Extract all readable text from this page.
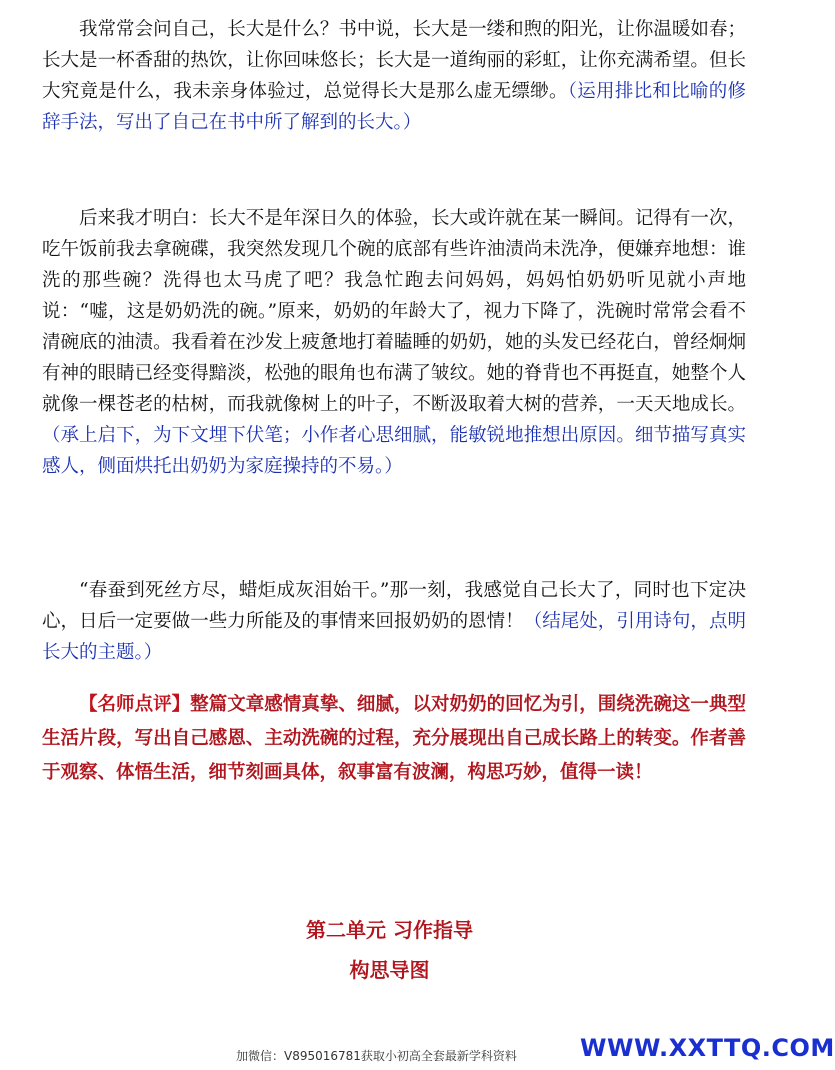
我常常会问自己，长大是什么？书中说，长大是一缕和煦的阳光，让你温暖如春；长大是一杯香甜的热饮，让你回味悠长；长大是一道绚丽的彩虹，让你充满希望。但长大究竟是什么，我未亲身体验过，总觉得长大是那么虚无缥缈。（运用排比和比喻的修辞手法，写出了自己在书中所了解到的长大。）

后来我才明白：长大不是年深日久的体验，长大或许就在某一瞬间。记得有一次，吃午饭前我去拿碗碟，我突然发现几个碗的底部有些许油渍尚未洗净，便嫌弃地想：谁洗的那些碗？洗得也太马虎了吧？我急忙跑去问妈妈，妈妈怕奶奶听见就小声地说：“嘘，这是奶奶洗的碗。”原来，奶奶的年龄大了，视力下降了，洗碗时常常会看不清碗底的油渍。我看着在沙发上疲惫地打着瞌睡的奶奶，她的头发已经花白，曾经炯炯有神的眼睛已经变得黯淡，松弛的眼角也布满了皱纹。她的脊背也不再挺直，她整个人就像一棵苍老的枯树，而我就像树上的叶子，不断汲取着大树的营养，一天天地成长。（承上启下，为下文埋下伏笔；小作者心思细腻，能敏锐地推想出原因。细节描写真实感人，侧面烘托出奶奶为家庭操持的不易。）

“春蚕到死丝方尽，蜡炬成灰泪始干。”那一刻，我感觉自己长大了，同时也下定决心，日后一定要做一些力所能及的事情来回报奶奶的恩情！（结尾处，引用诗句，点明长大的主题。）

【名师点评】整篇文章感情真挚、细腻，以对奶奶的回忆为引，围绕洗碗这一典型生活片段，写出自己感恩、主动洗碗的过程，充分展现出自己成长路上的转变。作者善于观察、体悟生活，细节刻画具体，叙事富有波澜，构思巧妙，值得一读！

第二单元 习作指导
构思导图
加微信：V895016781获取小初高全套最新学科资料	WWW.XXTTQ.COM
